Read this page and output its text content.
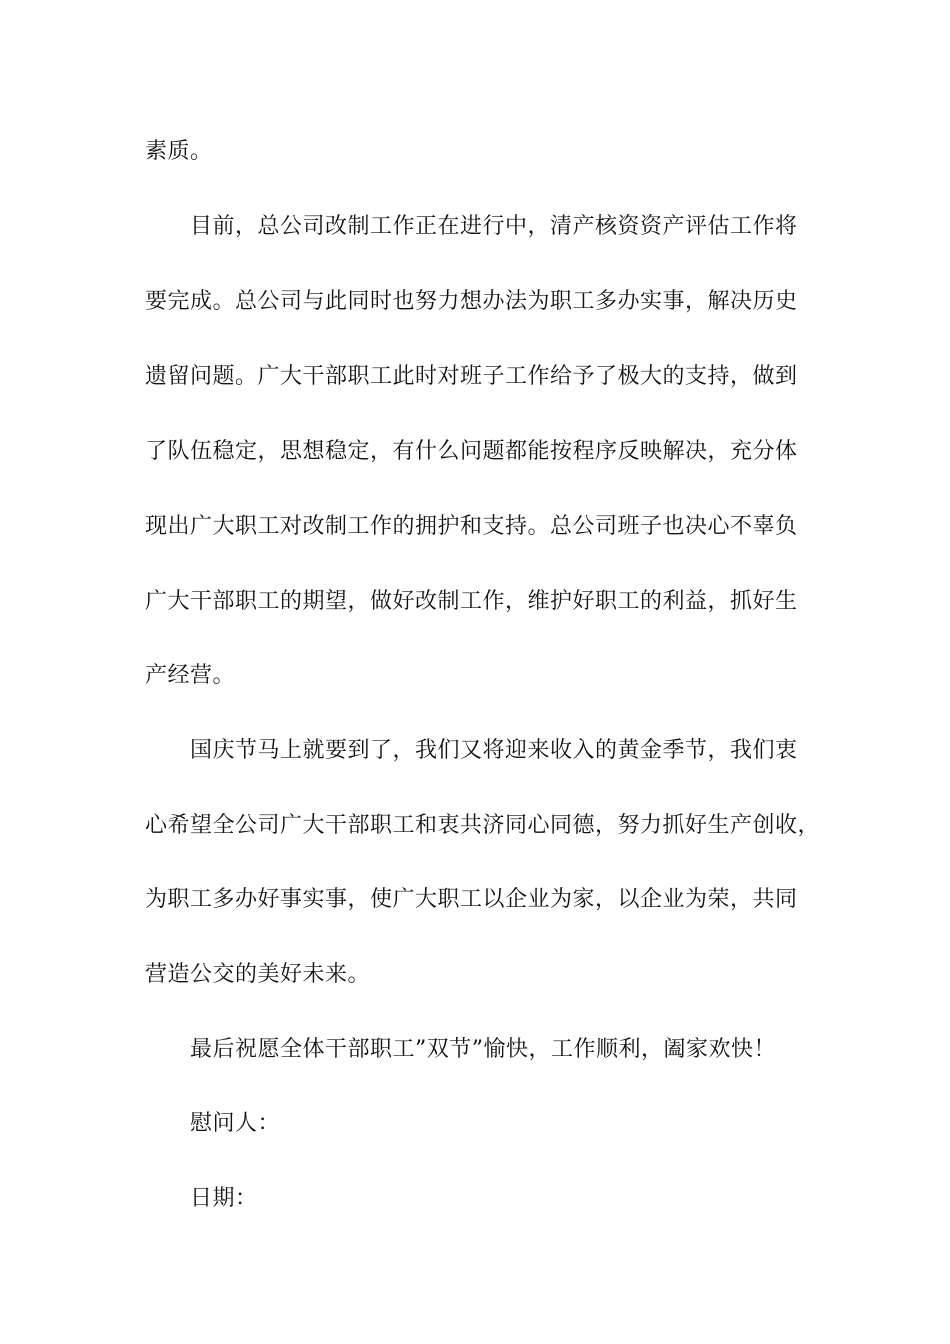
素质。
目前，总公司改制工作正在进行中，清产核资资产评估工作将
要完成。总公司与此同时也努力想办法为职工多办实事，解决历史
遗留问题。广大干部职工此时对班子工作给予了极大的支持，做到
了队伍稳定，思想稳定，有什么问题都能按程序反映解决，充分体
现出广大职工对改制工作的拥护和支持。总公司班子也决心不辜负
广大干部职工的期望，做好改制工作，维护好职工的利益，抓好生
产经营。
国庆节马上就要到了，我们又将迎来收入的黄金季节，我们衷
心希望全公司广大干部职工和衷共济同心同德，努力抓好生产创收，
为职工多办好事实事，使广大职工以企业为家，以企业为荣，共同
营造公交的美好未来。
最后祝愿全体干部职工”双节”愉快，工作顺利，阖家欢快！
慰问人：
日期：
